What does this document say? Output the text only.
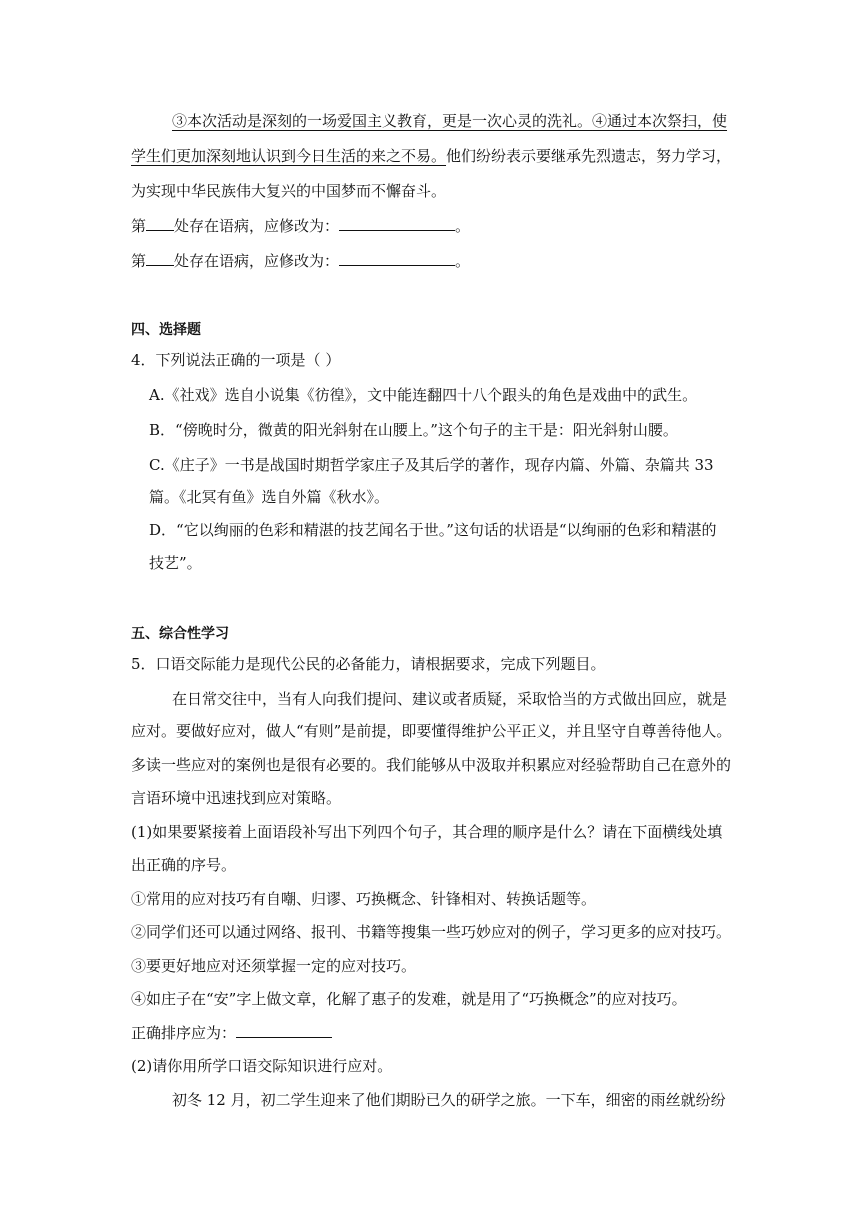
③本次活动是深刻的一场爱国主义教育，更是一次心灵的洗礼。④通过本次祭扫，使
学生们更加深刻地认识到今日生活的来之不易。他们纷纷表示要继承先烈遗志，努力学习，
为实现中华民族伟大复兴的中国梦而不懈奋斗。
第 处存在语病，应修改为：	。
第 处存在语病，应修改为：	。
四、选择题
4．下列说法正确的一项是（ ）
A.《社戏》选自小说集《彷徨》，文中能连翻四十八个跟头的角色是戏曲中的武生。
B．“傍晚时分，微黄的阳光斜射在山腰上。”这个句子的主干是：阳光斜射山腰。
C.《庄子》一书是战国时期哲学家庄子及其后学的著作，现存内篇、外篇、杂篇共 33
篇。《北冥有鱼》选自外篇《秋水》。
D．“它以绚丽的色彩和精湛的技艺闻名于世。”这句话的状语是“以绚丽的色彩和精湛的
技艺”。
五、综合性学习
5．口语交际能力是现代公民的必备能力，请根据要求，完成下列题目。
在日常交往中，当有人向我们提问、建议或者质疑，采取恰当的方式做出回应，就是
应对。要做好应对，做人“有则”是前提，即要懂得维护公平正义，并且坚守自尊善待他人。
多读一些应对的案例也是很有必要的。我们能够从中汲取并积累应对经验帮助自己在意外的
言语环境中迅速找到应对策略。
(1)如果要紧接着上面语段补写出下列四个句子，其合理的顺序是什么？请在下面横线处填
出正确的序号。
①常用的应对技巧有自嘲、归谬、巧换概念、针锋相对、转换话题等。
②同学们还可以通过网络、报刊、书籍等搜集一些巧妙应对的例子，学习更多的应对技巧。
③要更好地应对还须掌握一定的应对技巧。
④如庄子在“安”字上做文章，化解了惠子的发难，就是用了“巧换概念”的应对技巧。
正确排序应为：
(2)请你用所学口语交际知识进行应对。
初冬 12 月，初二学生迎来了他们期盼已久的研学之旅。一下车，细密的雨丝就纷纷
